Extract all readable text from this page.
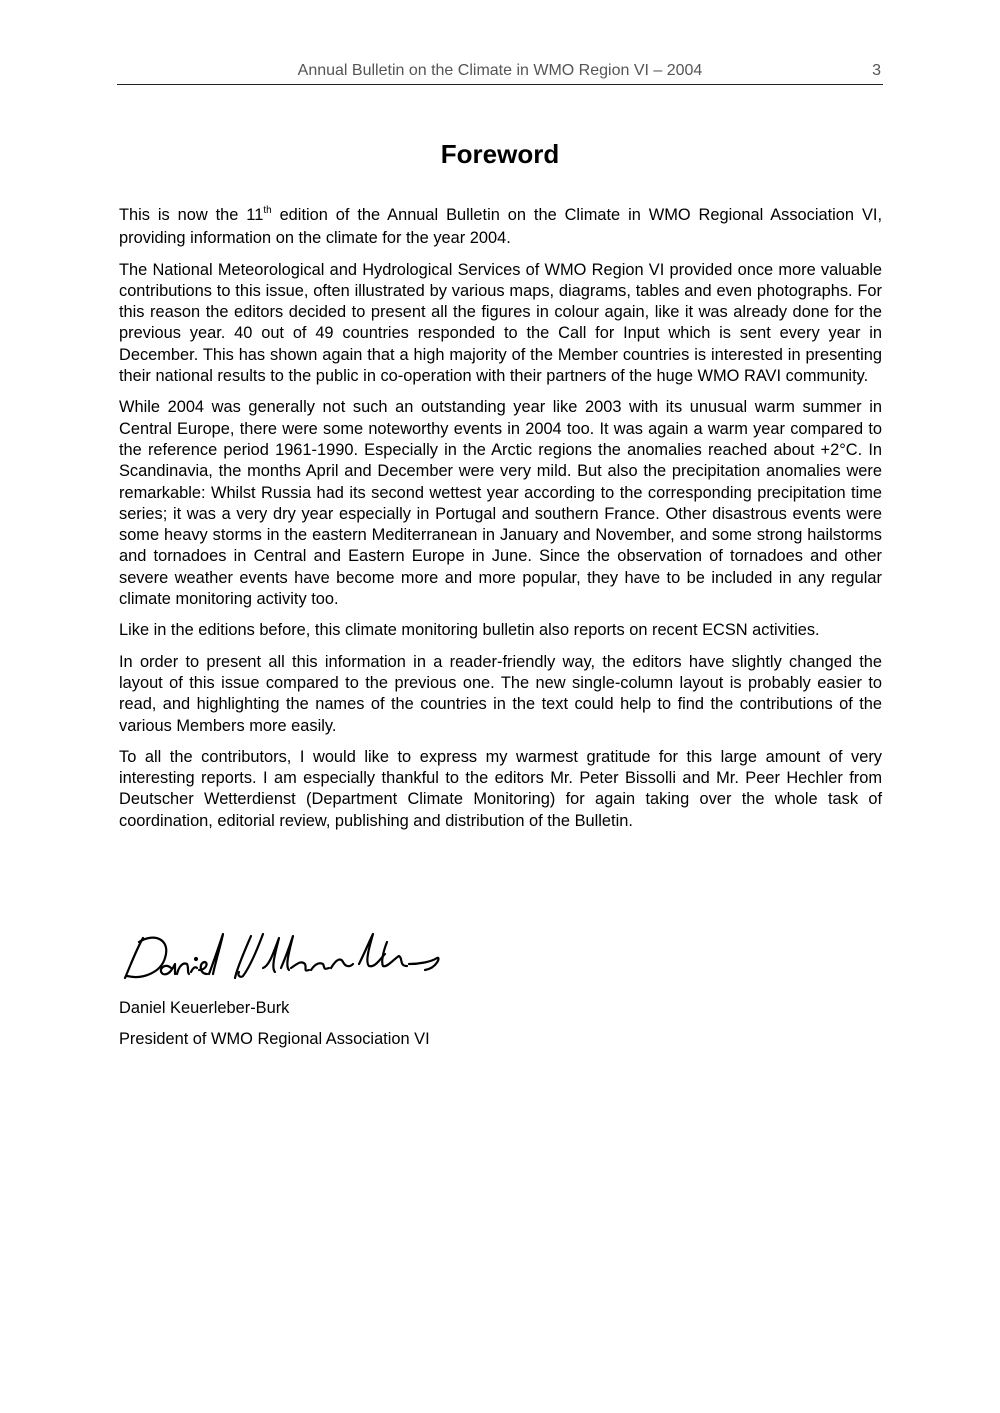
Annual Bulletin on the Climate in WMO Region VI – 2004	3
Foreword

This is now the 11th edition of the Annual Bulletin on the Climate in WMO Regional Association VI, providing information on the climate for the year 2004.

The National Meteorological and Hydrological Services of WMO Region VI provided once more valuable contributions to this issue, often illustrated by various maps, diagrams, tables and even photographs. For this reason the editors decided to present all the figures in colour again, like it was already done for the previous year. 40 out of 49 countries responded to the Call for Input which is sent every year in December. This has shown again that a high majority of the Member countries is interested in presenting their national results to the public in co-operation with their partners of the huge WMO RAVI community.

While 2004 was generally not such an outstanding year like 2003 with its unusual warm summer in Central Europe, there were some noteworthy events in 2004 too. It was again a warm year compared to the reference period 1961-1990. Especially in the Arctic regions the anomalies reached about +2°C. In Scandinavia, the months April and December were very mild. But also the precipitation anomalies were remarkable: Whilst Russia had its second wettest year according to the corresponding precipitation time series; it was a very dry year especially in Portugal and southern France. Other disastrous events were some heavy storms in the eastern Mediterranean in January and November, and some strong hailstorms and tornadoes in Central and Eastern Europe in June. Since the observation of tornadoes and other severe weather events have become more and more popular, they have to be included in any regular climate monitoring activity too.

Like in the editions before, this climate monitoring bulletin also reports on recent ECSN activities.

In order to present all this information in a reader-friendly way, the editors have slightly changed the layout of this issue compared to the previous one. The new single-column layout is probably easier to read, and highlighting the names of the countries in the text could help to find the contributions of the various Members more easily.

To all the contributors, I would like to express my warmest gratitude for this large amount of very interesting reports. I am especially thankful to the editors Mr. Peter Bissolli and Mr. Peer Hechler from Deutscher Wetterdienst (Department Climate Monitoring) for again taking over the whole task of coordination, editorial review, publishing and distribution of the Bulletin.

Daniel Keuerleber-Burk
President of WMO Regional Association VI
